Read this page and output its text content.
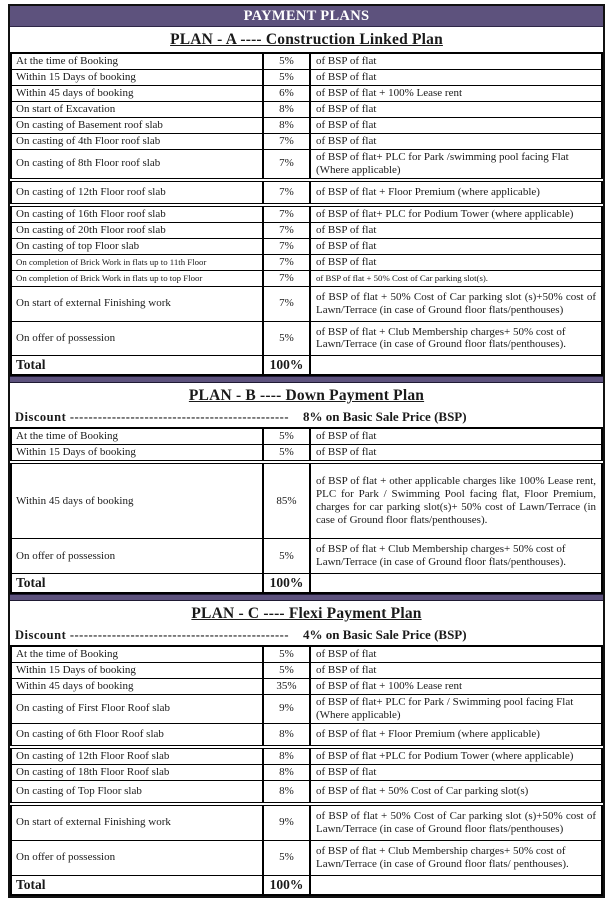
PAYMENT PLANS
PLAN - A ---- Construction Linked Plan
At the time of Booking	5%	of BSP of flat
Within 15 Days of booking	5%	of BSP of flat
Within 45 days of booking	6%	of BSP of flat + 100% Lease rent
On start of Excavation	8%	of BSP of flat
On casting of Basement roof slab	8%	of BSP of flat
On casting of 4th Floor roof slab	7%	of BSP of flat
On casting of 8th Floor roof slab	7%	of BSP of flat+ PLC for Park /swimming pool facing Flat (Where applicable)
On casting of 12th Floor roof slab	7%	of BSP of flat + Floor Premium (where applicable)
On casting of 16th Floor roof slab	7%	of BSP of flat+ PLC for Podium Tower (where applicable)
On casting of 20th Floor roof slab	7%	of BSP of flat
On casting of top Floor slab	7%	of BSP of flat
On completion of Brick Work in flats up to 11th Floor	7%	of BSP of flat
On completion of Brick Work in flats up to top Floor	7%	of BSP of flat + 50% Cost of Car parking slot(s).
On start of external Finishing work	7%	of BSP of flat + 50% Cost of Car parking slot (s)+50% cost of Lawn/Terrace (in case of Ground floor flats/penthouses)
On offer of possession	5%	of BSP of flat + Club Membership charges+ 50% cost of Lawn/Terrace (in case of Ground floor flats/penthouses).
Total	100%	
PLAN - B ---- Down Payment Plan
Discount ----------------------------------------------- 8% on Basic Sale Price (BSP)
At the time of Booking	5%	of BSP of flat
Within 15 Days of booking	5%	of BSP of flat
Within 45 days of booking	85%	of BSP of flat + other applicable charges like 100% Lease rent, PLC for Park / Swimming Pool facing flat, Floor Premium, charges for car parking slot(s)+ 50% cost of Lawn/Terrace (in case of Ground floor flats/penthouses).
On offer of possession	5%	of BSP of flat + Club Membership charges+ 50% cost of Lawn/Terrace (in case of Ground floor flats/penthouses).
Total	100%	
PLAN - C ---- Flexi Payment Plan
Discount ----------------------------------------------- 4% on Basic Sale Price (BSP)
At the time of Booking	5%	of BSP of flat
Within 15 Days of booking	5%	of BSP of flat
Within 45 days of booking	35%	of BSP of flat + 100% Lease rent
On casting of First Floor Roof slab	9%	of BSP of flat+ PLC for Park / Swimming pool facing Flat (Where applicable)
On casting of 6th Floor Roof slab	8%	of BSP of flat + Floor Premium (where applicable)
On casting of 12th Floor Roof slab	8%	of BSP of flat +PLC for Podium Tower (where applicable)
On casting of 18th Floor Roof slab	8%	of BSP of flat
On casting of Top Floor slab	8%	of BSP of flat + 50% Cost of Car parking slot(s)
On start of external Finishing work	9%	of BSP of flat + 50% Cost of Car parking slot (s)+50% cost of Lawn/Terrace (in case of Ground floor flats/penthouses)
On offer of possession	5%	of BSP of flat + Club Membership charges+ 50% cost of Lawn/Terrace (in case of Ground floor flats/ penthouses).
Total	100%	
